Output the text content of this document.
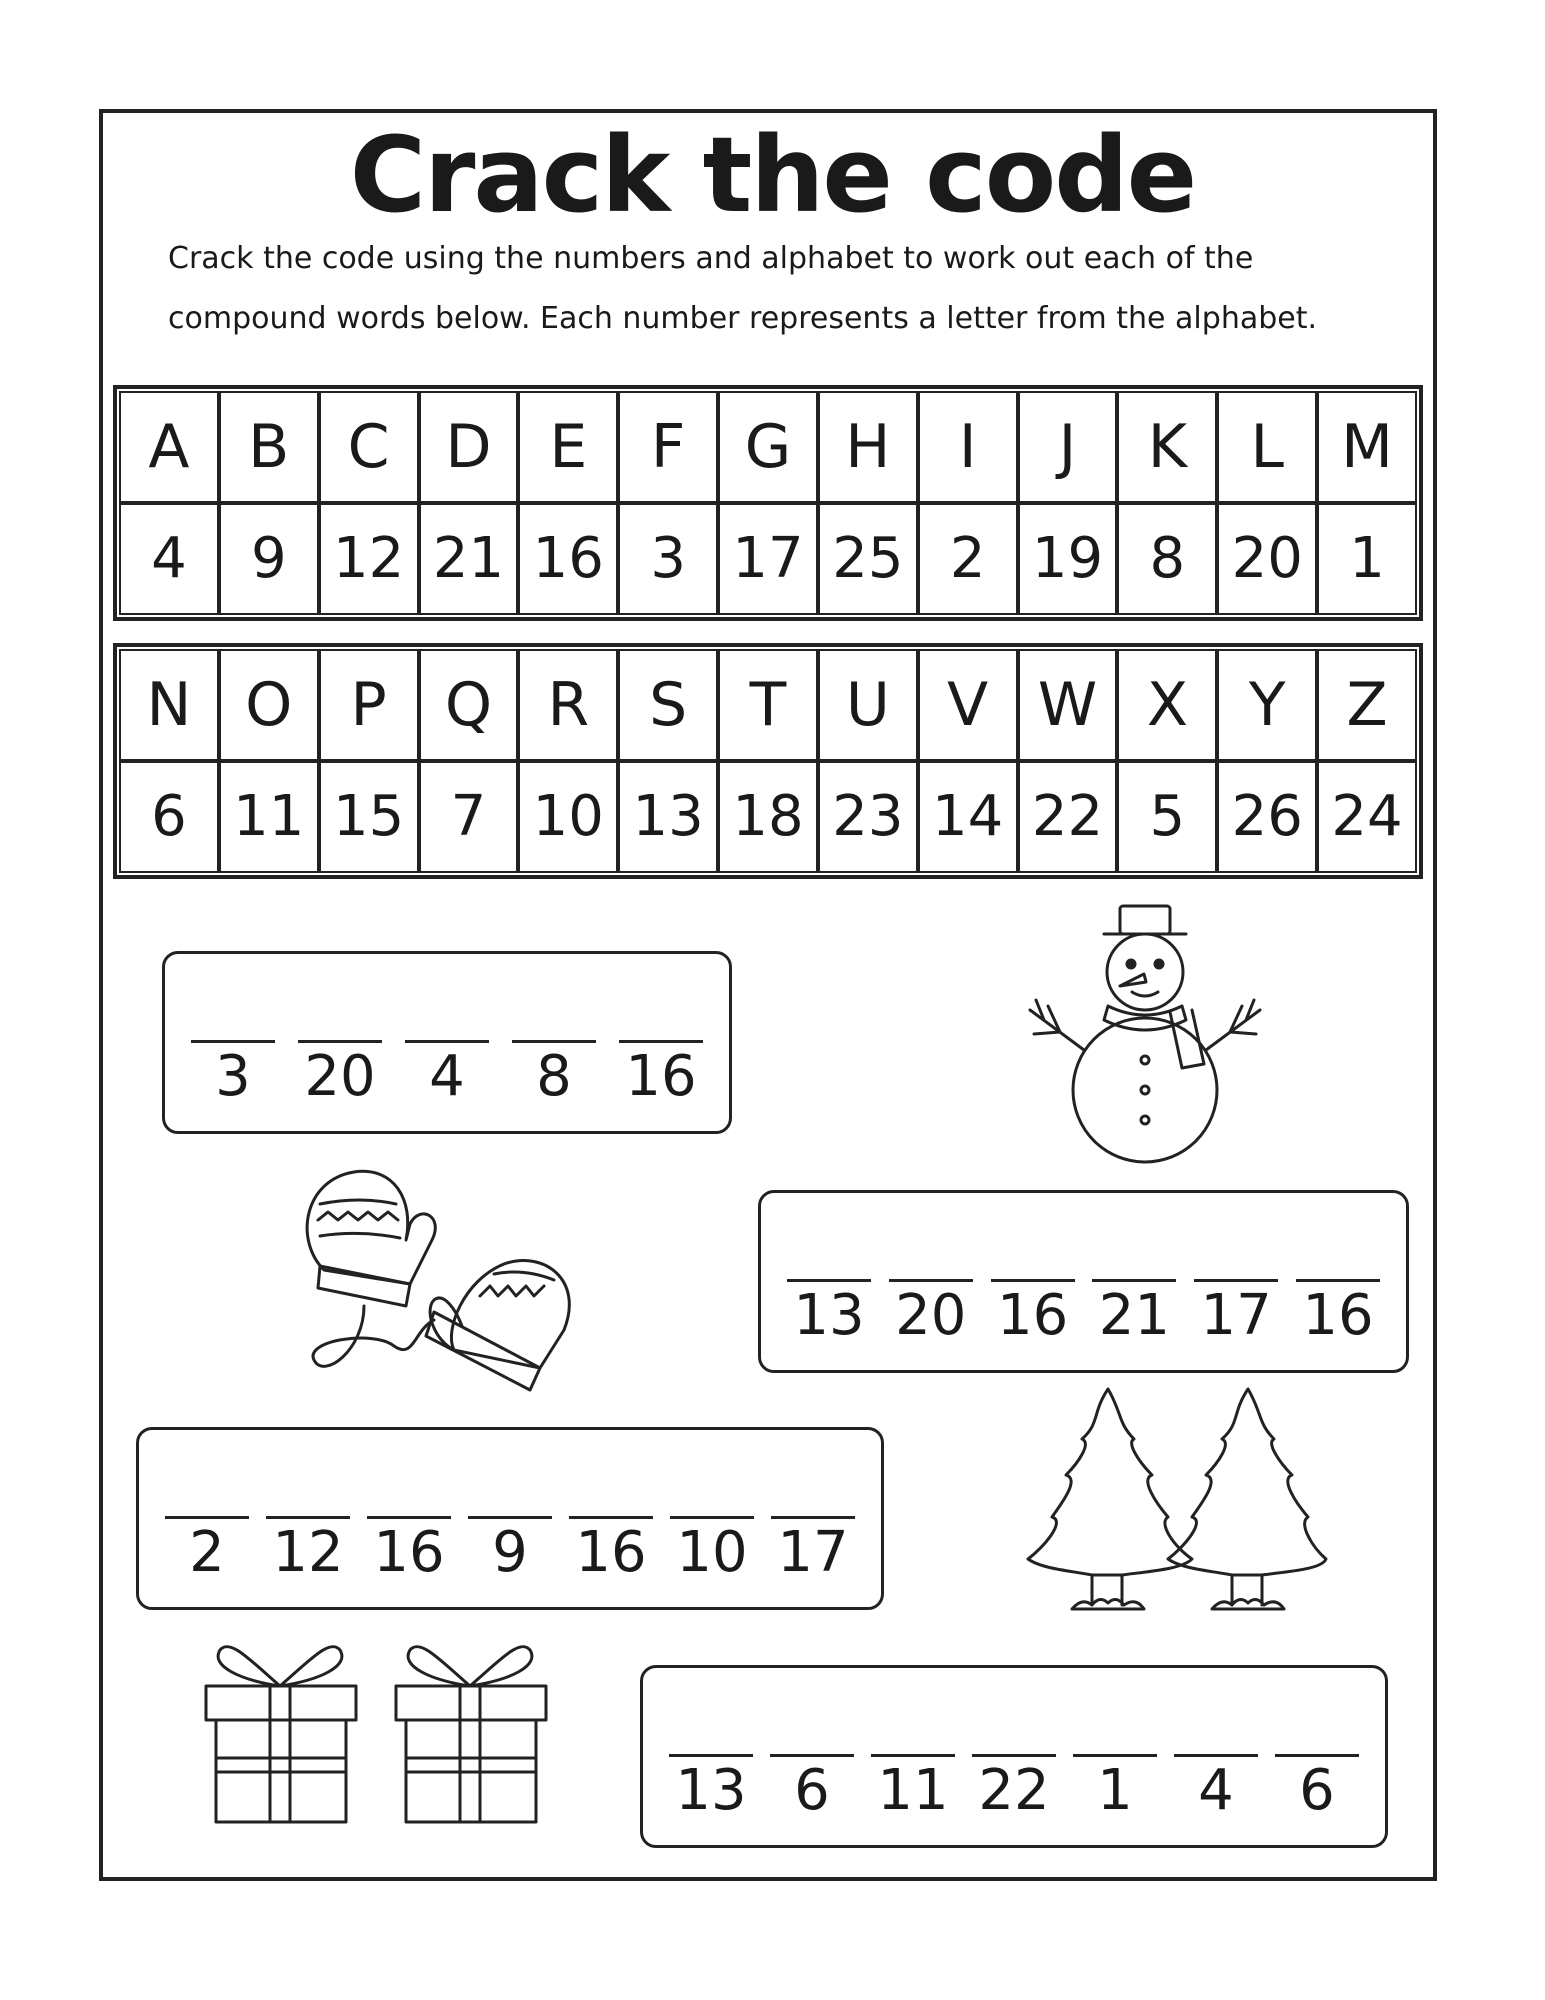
Crack the code

Crack the code using the numbers and alphabet to work out each of the

compound words below. Each number represents a letter from the alphabet.

A B C D E	F G H	I	J	K	L M
4	9 12 21 16 3 17 25 2 19 8 20 1
N O P Q R S	T U V W X	Y	Z
6 11 15 7 10 13 18 23 14 22 5 26 24
3 20 4 8 16
13 20 16 21 17 16
2 12 16 9 16 10 17
13 6 11 22 1 4 6
